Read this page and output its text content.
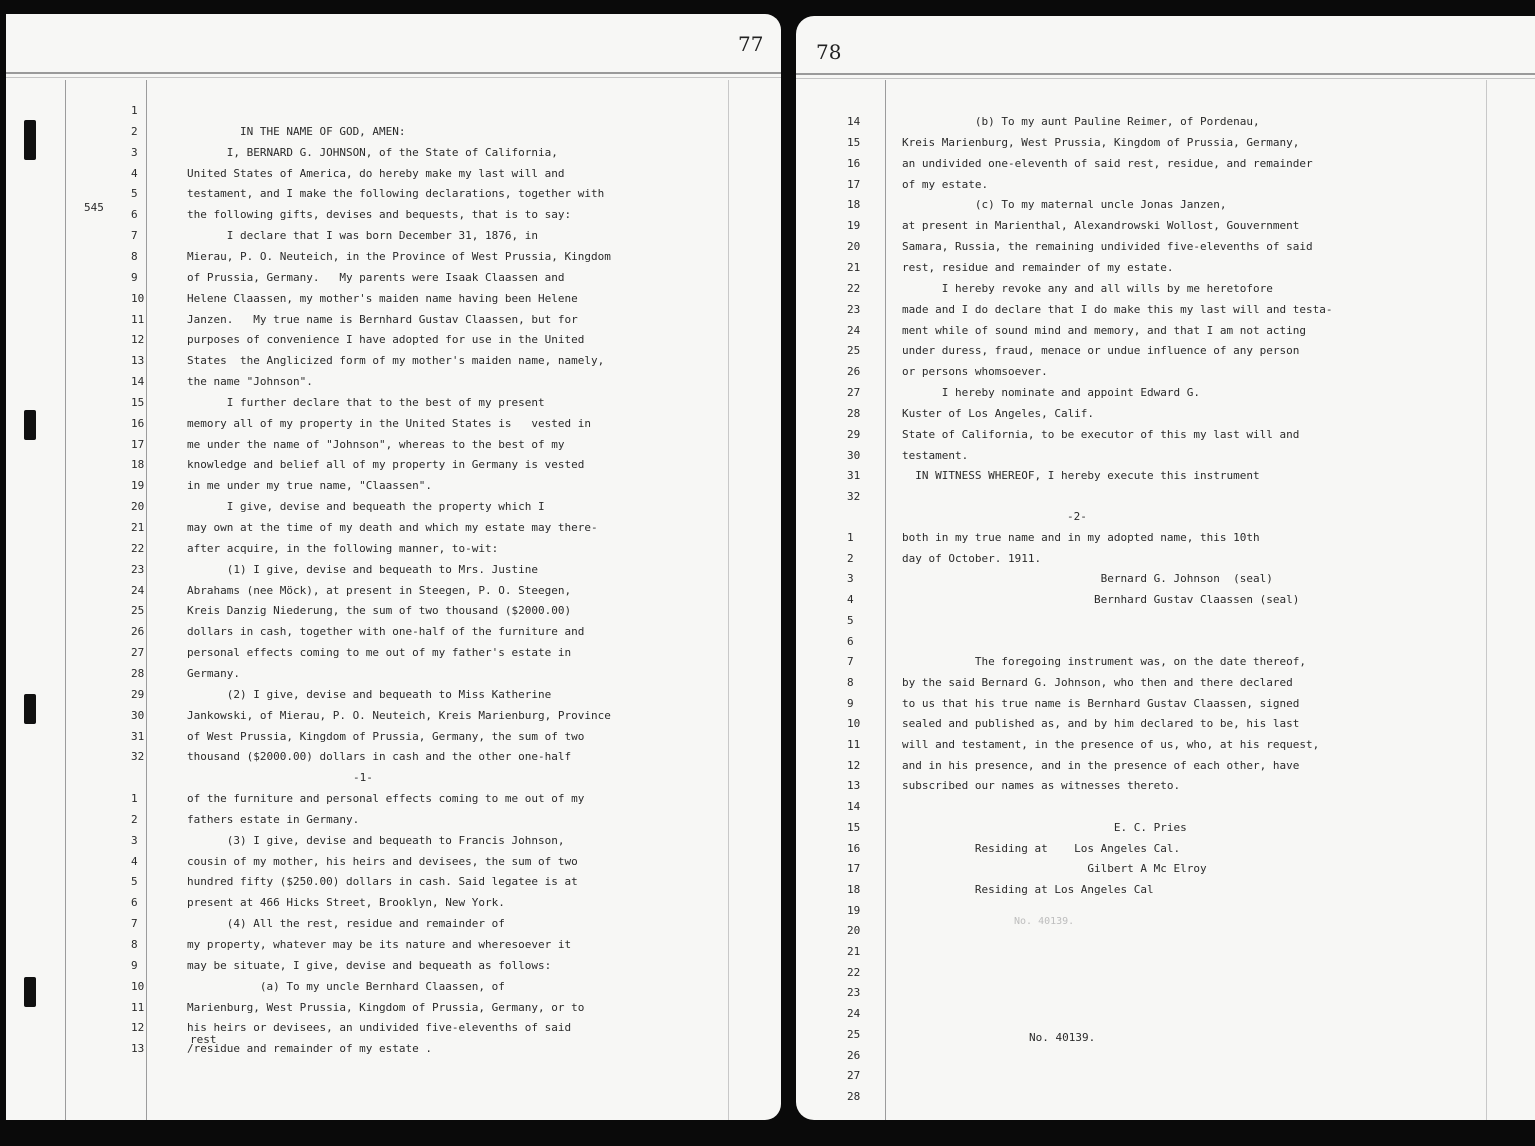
77
545
1
2	IN THE NAME OF GOD, AMEN:
3	I, BERNARD G. JOHNSON, of the State of California,
4	United States of America, do hereby make my last will and
5	testament, and I make the following declarations, together with
6	the following gifts, devises and bequests, that is to say:
7	I declare that I was born December 31, 1876, in
8	Mierau, P. O. Neuteich, in the Province of West Prussia, Kingdom
9	of Prussia, Germany.   My parents were Isaak Claassen and
10	Helene Claassen, my mother's maiden name having been Helene
11	Janzen.   My true name is Bernhard Gustav Claassen, but for
12	purposes of convenience I have adopted for use in the United
13	States  the Anglicized form of my mother's maiden name, namely,
14	the name "Johnson".
15	I further declare that to the best of my present
16	memory all of my property in the United States is   vested in
17	me under the name of "Johnson", whereas to the best of my
18	knowledge and belief all of my property in Germany is vested
19	in me under my true name, "Claassen".
20	I give, devise and bequeath the property which I
21	may own at the time of my death and which my estate may there-
22	after acquire, in the following manner, to-wit:
23	(1) I give, devise and bequeath to Mrs. Justine
24	Abrahams (nee Möck), at present in Steegen, P. O. Steegen,
25	Kreis Danzig Niederung, the sum of two thousand ($2000.00)
26	dollars in cash, together with one-half of the furniture and
27	personal effects coming to me out of my father's estate in
28	Germany.
29	(2) I give, devise and bequeath to Miss Katherine
30	Jankowski, of Mierau, P. O. Neuteich, Kreis Marienburg, Province
31	of West Prussia, Kingdom of Prussia, Germany, the sum of two
32	thousand ($2000.00) dollars in cash and the other one-half
-1-
1	of the furniture and personal effects coming to me out of my
2	fathers estate in Germany.
3	(3) I give, devise and bequeath to Francis Johnson,
4	cousin of my mother, his heirs and devisees, the sum of two
5	hundred fifty ($250.00) dollars in cash. Said legatee is at
6	present at 466 Hicks Street, Brooklyn, New York.
7	(4) All the rest, residue and remainder of
8	my property, whatever may be its nature and wheresoever it
9	may be situate, I give, devise and bequeath as follows:
10	(a) To my uncle Bernhard Claassen, of
11	Marienburg, West Prussia, Kingdom of Prussia, Germany, or to
12	his heirs or devisees, an undivided five-elevenths of said
13	/residue and remainder of my estate .
rest
78
14	(b) To my aunt Pauline Reimer, of Pordenau,
15	Kreis Marienburg, West Prussia, Kingdom of Prussia, Germany,
16	an undivided one-eleventh of said rest, residue, and remainder
17	of my estate.
18	(c) To my maternal uncle Jonas Janzen,
19	at present in Marienthal, Alexandrowski Wollost, Gouvernment
20	Samara, Russia, the remaining undivided five-elevenths of said
21	rest, residue and remainder of my estate.
22	I hereby revoke any and all wills by me heretofore
23	made and I do declare that I do make this my last will and testa-
24	ment while of sound mind and memory, and that I am not acting
25	under duress, fraud, menace or undue influence of any person
26	or persons whomsoever.
27	I hereby nominate and appoint Edward G.
28	Kuster of Los Angeles, Calif.
29	State of California, to be executor of this my last will and
30	testament.
31	IN WITNESS WHEREOF, I hereby execute this instrument
32
-2-
1	both in my true name and in my adopted name, this 10th
2	day of October. 1911.
3	Bernard G. Johnson  (seal)
4	Bernhard Gustav Claassen (seal)
5
6
7	The foregoing instrument was, on the date thereof,
8	by the said Bernard G. Johnson, who then and there declared
9	to us that his true name is Bernhard Gustav Claassen, signed
10	sealed and published as, and by him declared to be, his last
11	will and testament, in the presence of us, who, at his request,
12	and in his presence, and in the presence of each other, have
13	subscribed our names as witnesses thereto.
14
15	E. C. Pries
16	Residing at    Los Angeles Cal.
17	Gilbert A Mc Elroy
18	Residing at Los Angeles Cal
19
20
21
22
23
24
25
26
27
28
No. 40139.
No. 40139.
